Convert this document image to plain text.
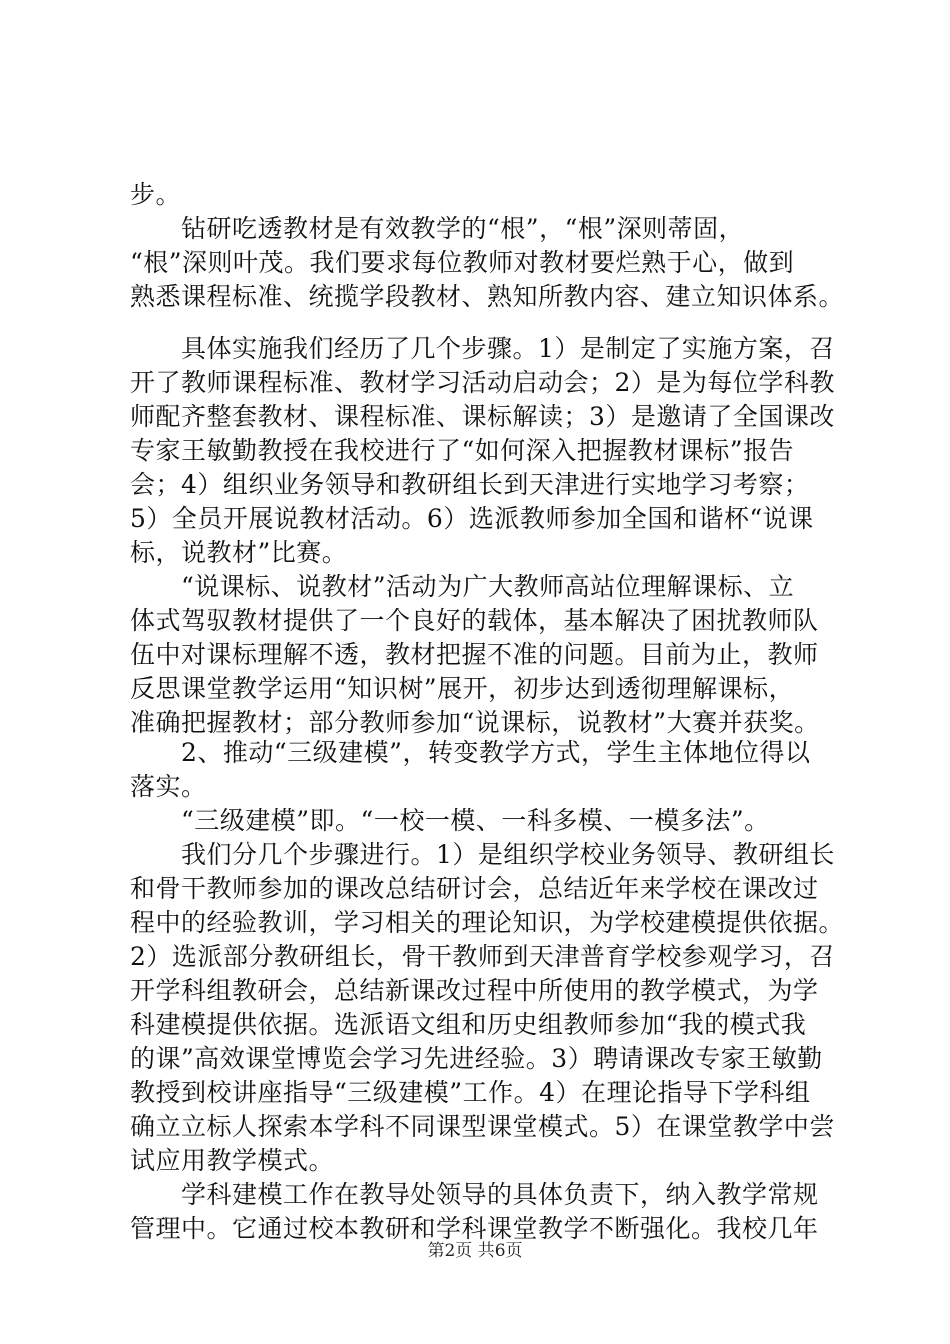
步。
　　钻研吃透教材是有效教学的“根”，“根”深则蒂固，
“根”深则叶茂。我们要求每位教师对教材要烂熟于心，做到
熟悉课程标准、统揽学段教材、熟知所教内容、建立知识体系。
　　具体实施我们经历了几个步骤。1）是制定了实施方案，召
开了教师课程标准、教材学习活动启动会；2）是为每位学科教
师配齐整套教材、课程标准、课标解读；3）是邀请了全国课改
专家王敏勤教授在我校进行了“如何深入把握教材课标”报告
会；4）组织业务领导和教研组长到天津进行实地学习考察；
5）全员开展说教材活动。6）选派教师参加全国和谐杯“说课
标，说教材”比赛。
　　“说课标、说教材”活动为广大教师高站位理解课标、立
体式驾驭教材提供了一个良好的载体，基本解决了困扰教师队
伍中对课标理解不透，教材把握不准的问题。目前为止，教师
反思课堂教学运用“知识树”展开，初步达到透彻理解课标，
准确把握教材；部分教师参加“说课标，说教材”大赛并获奖。
　　2、推动“三级建模”，转变教学方式，学生主体地位得以
落实。
　　“三级建模”即。“一校一模、一科多模、一模多法”。
　　我们分几个步骤进行。1）是组织学校业务领导、教研组长
和骨干教师参加的课改总结研讨会，总结近年来学校在课改过
程中的经验教训，学习相关的理论知识，为学校建模提供依据。
2）选派部分教研组长，骨干教师到天津普育学校参观学习，召
开学科组教研会，总结新课改过程中所使用的教学模式，为学
科建模提供依据。选派语文组和历史组教师参加“我的模式我
的课”高效课堂博览会学习先进经验。3）聘请课改专家王敏勤
教授到校讲座指导“三级建模”工作。4）在理论指导下学科组
确立立标人探索本学科不同课型课堂模式。5）在课堂教学中尝
试应用教学模式。
　　学科建模工作在教导处领导的具体负责下，纳入教学常规
管理中。它通过校本教研和学科课堂教学不断强化。我校几年
第2页 共6页
